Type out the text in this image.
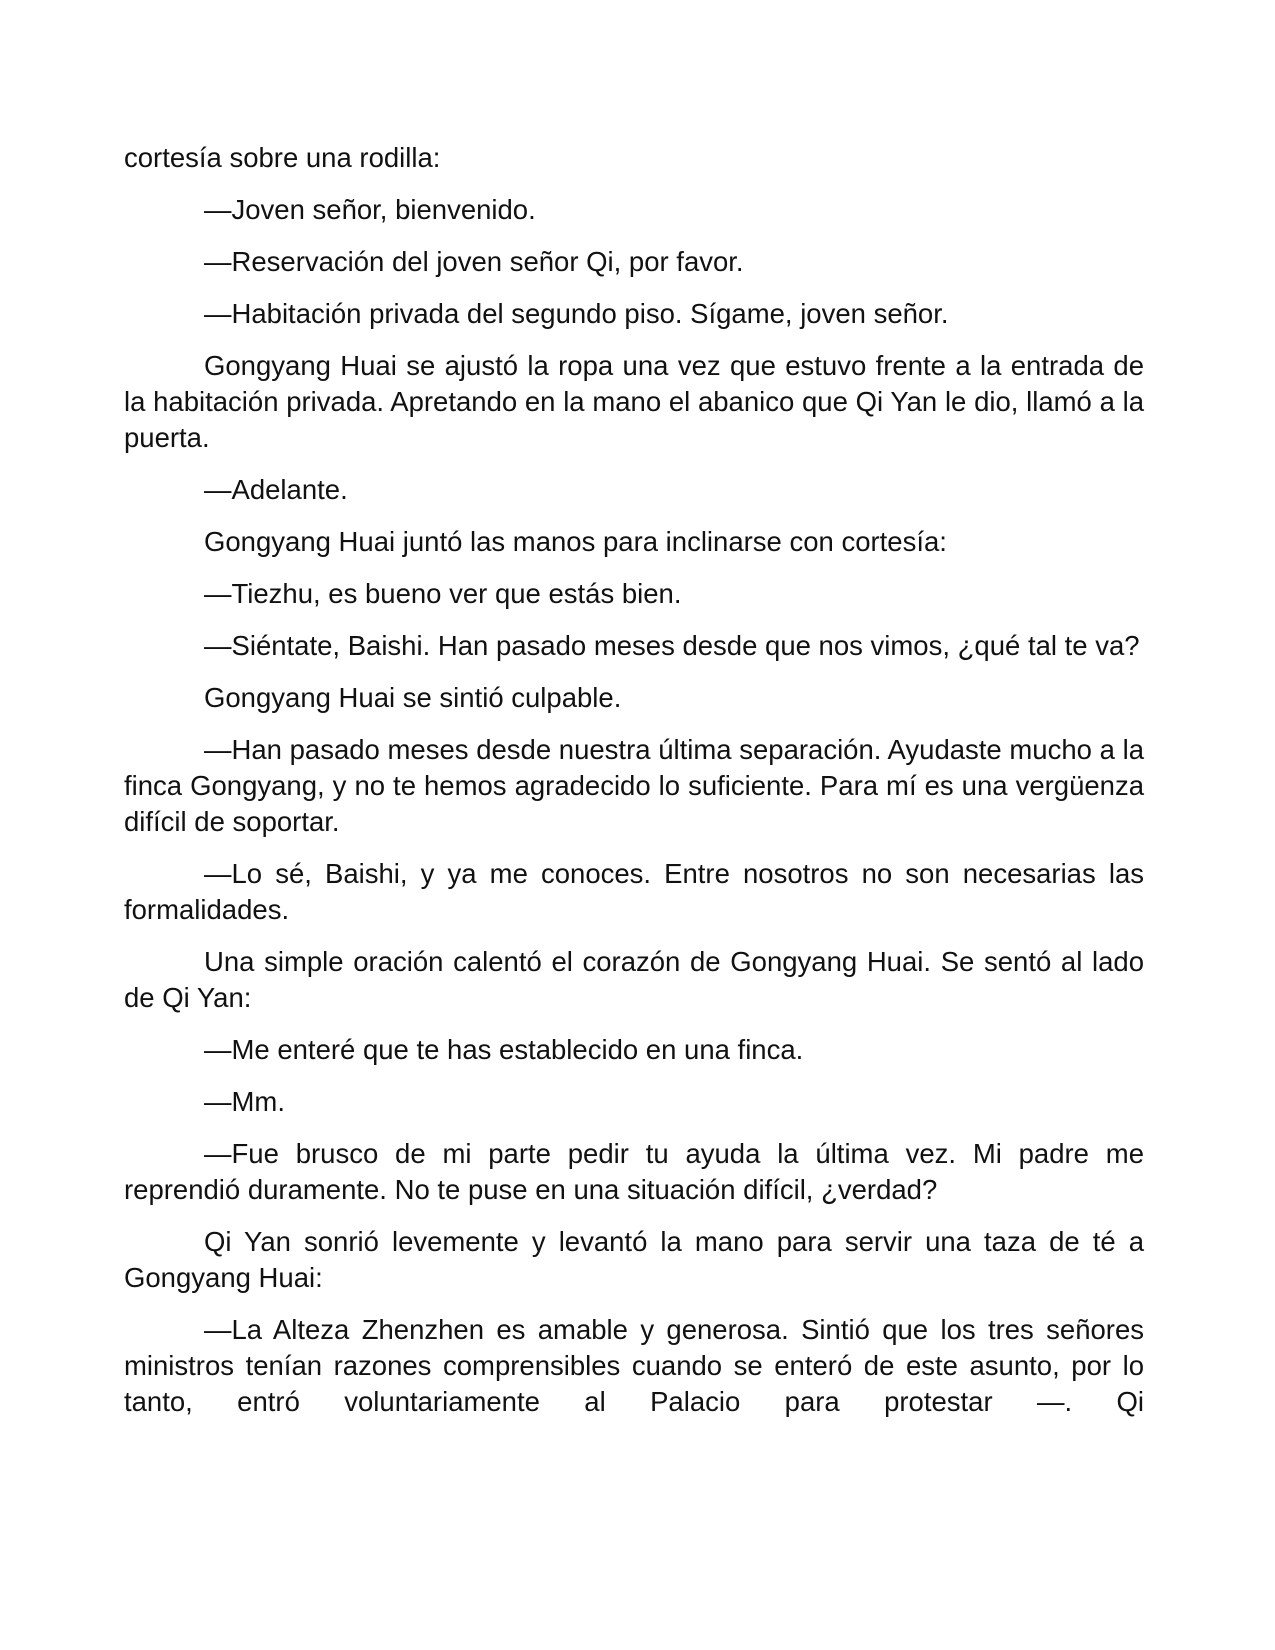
cortesía sobre una rodilla:

—Joven señor, bienvenido.

—Reservación del joven señor Qi, por favor.

—Habitación privada del segundo piso. Sígame, joven señor.

Gongyang Huai se ajustó la ropa una vez que estuvo frente a la entrada de la habitación privada. Apretando en la mano el abanico que Qi Yan le dio, llamó a la puerta.

—Adelante.

Gongyang Huai juntó las manos para inclinarse con cortesía:

—Tiezhu, es bueno ver que estás bien.

—Siéntate, Baishi. Han pasado meses desde que nos vimos, ¿qué tal te va?

Gongyang Huai se sintió culpable.

—Han pasado meses desde nuestra última separación. Ayudaste mucho a la finca Gongyang, y no te hemos agradecido lo suficiente. Para mí es una vergüenza difícil de soportar.

—Lo sé, Baishi, y ya me conoces. Entre nosotros no son necesarias las formalidades.

Una simple oración calentó el corazón de Gongyang Huai. Se sentó al lado de Qi Yan:

—Me enteré que te has establecido en una finca.

—Mm.

—Fue brusco de mi parte pedir tu ayuda la última vez. Mi padre me reprendió duramente. No te puse en una situación difícil, ¿verdad?

Qi Yan sonrió levemente y levantó la mano para servir una taza de té a Gongyang Huai:

—La Alteza Zhenzhen es amable y generosa. Sintió que los tres señores ministros tenían razones comprensibles cuando se enteró de este asunto, por lo tanto, entró voluntariamente al Palacio para protestar —. Qi
